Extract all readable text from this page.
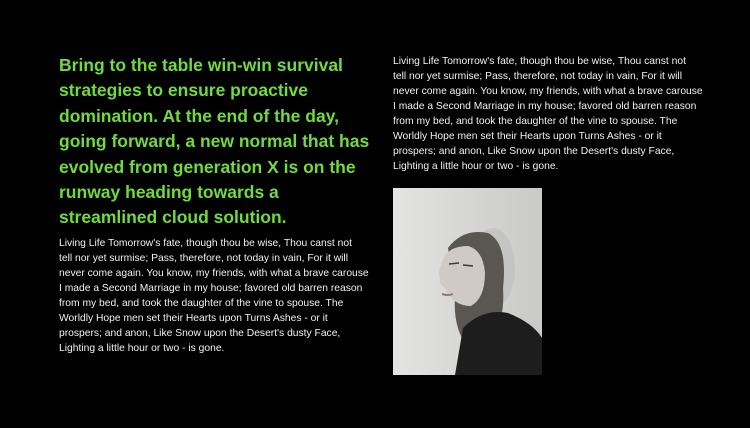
Bring to the table win-win survival
strategies to ensure proactive
domination. At the end of the day,
going forward, a new normal that has
evolved from generation X is on the
runway heading towards a
streamlined cloud solution.

Living Life Tomorrow's fate, though thou be wise, Thou canst not
tell nor yet surmise; Pass, therefore, not today in vain, For it will
never come again. You know, my friends, with what a brave carouse
I made a Second Marriage in my house; favored old barren reason
from my bed, and took the daughter of the vine to spouse. The
Worldly Hope men set their Hearts upon Turns Ashes - or it
prospers; and anon, Like Snow upon the Desert's dusty Face,
Lighting a little hour or two - is gone.

Living Life Tomorrow's fate, though thou be wise, Thou canst not
tell nor yet surmise; Pass, therefore, not today in vain, For it will
never come again. You know, my friends, with what a brave carouse
I made a Second Marriage in my house; favored old barren reason
from my bed, and took the daughter of the vine to spouse. The
Worldly Hope men set their Hearts upon Turns Ashes - or it
prospers; and anon, Like Snow upon the Desert's dusty Face,
Lighting a little hour or two - is gone.
